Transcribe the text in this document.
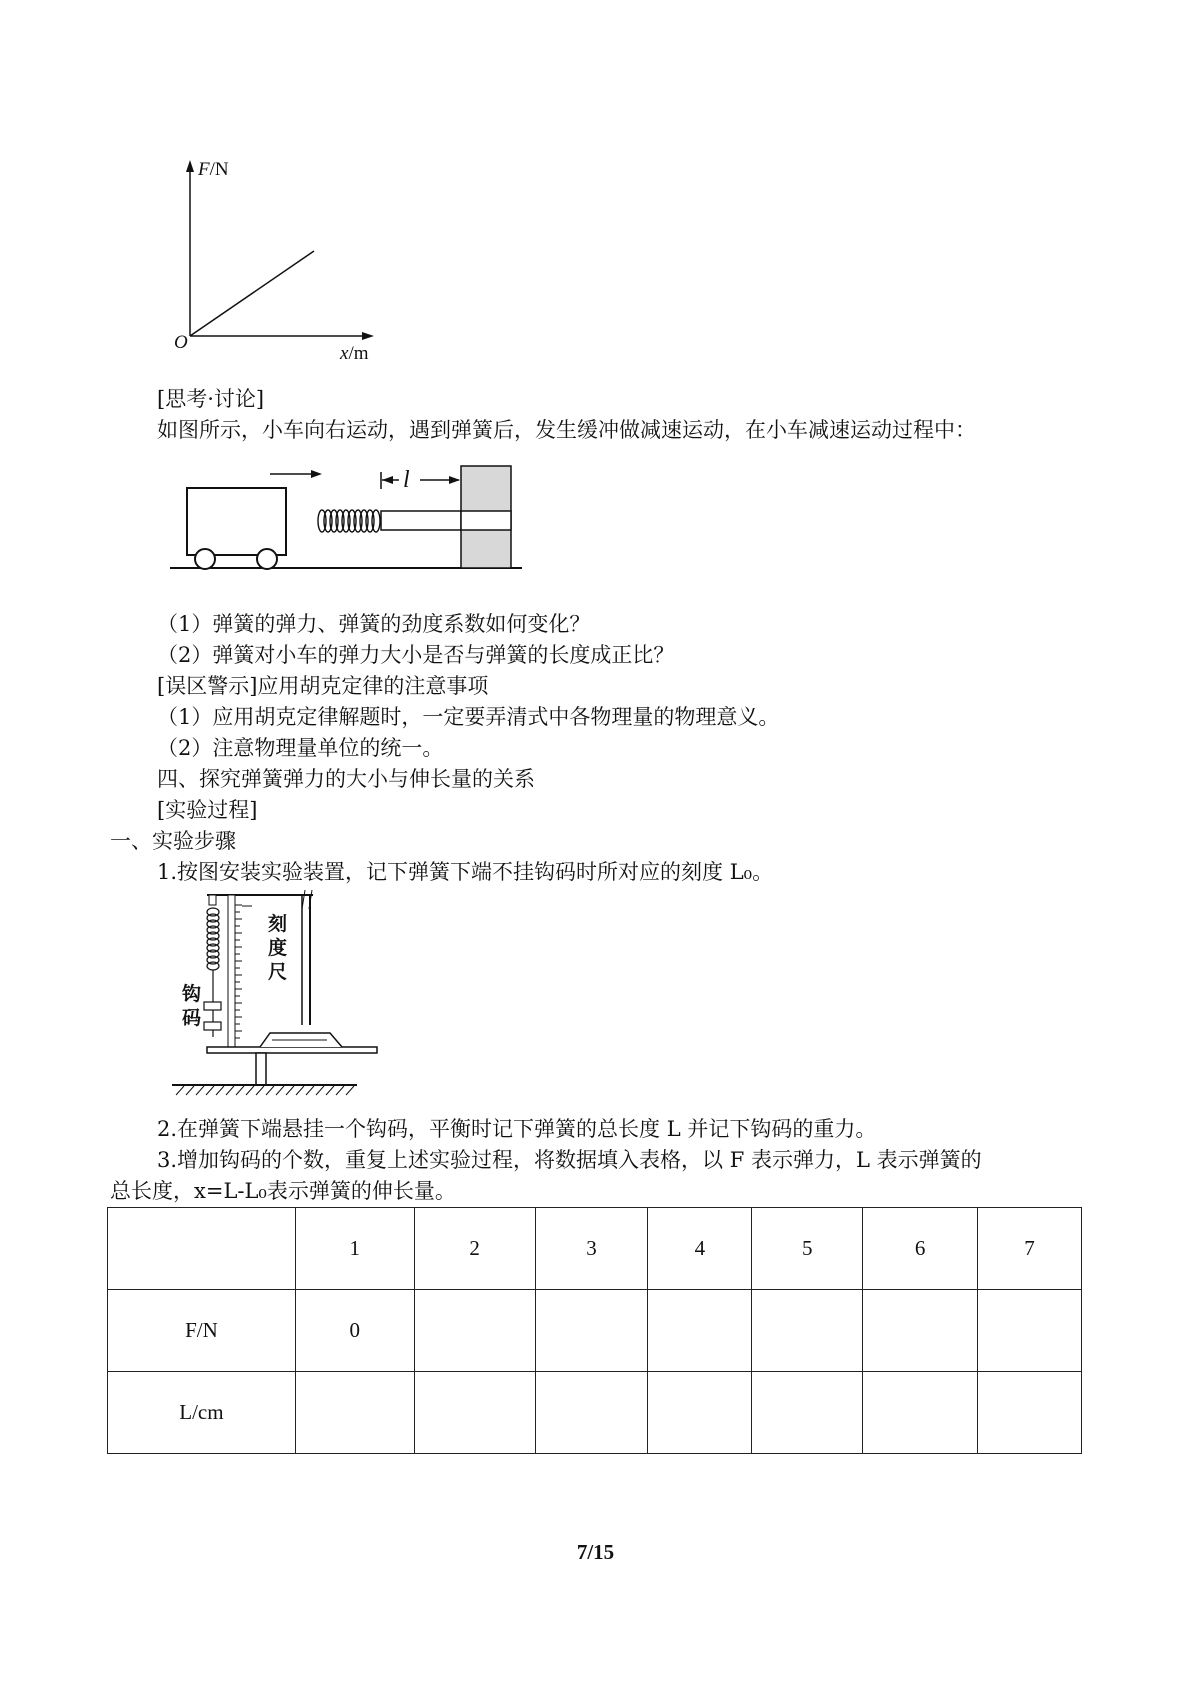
F/N
O
x/m
[思考·讨论]
如图所示，小车向右运动，遇到弹簧后，发生缓冲做减速运动，在小车减速运动过程中：
l
（1）弹簧的弹力、弹簧的劲度系数如何变化？
（2）弹簧对小车的弹力大小是否与弹簧的长度成正比？
[误区警示]应用胡克定律的注意事项
（1）应用胡克定律解题时，一定要弄清式中各物理量的物理意义。
（2）注意物理量单位的统一。
四、探究弹簧弹力的大小与伸长量的关系
[实验过程]
一、实验步骤
1.按图安装实验装置，记下弹簧下端不挂钩码时所对应的刻度 L₀。
刻度尺
钩码
2.在弹簧下端悬挂一个钩码，平衡时记下弹簧的总长度 L 并记下钩码的重力。
3.增加钩码的个数，重复上述实验过程，将数据填入表格，以 F 表示弹力，L 表示弹簧的
总长度，x=L-L₀表示弹簧的伸长量。
	1	2	3	4	5	6	7
F/N	0						
L/cm							
7/15
